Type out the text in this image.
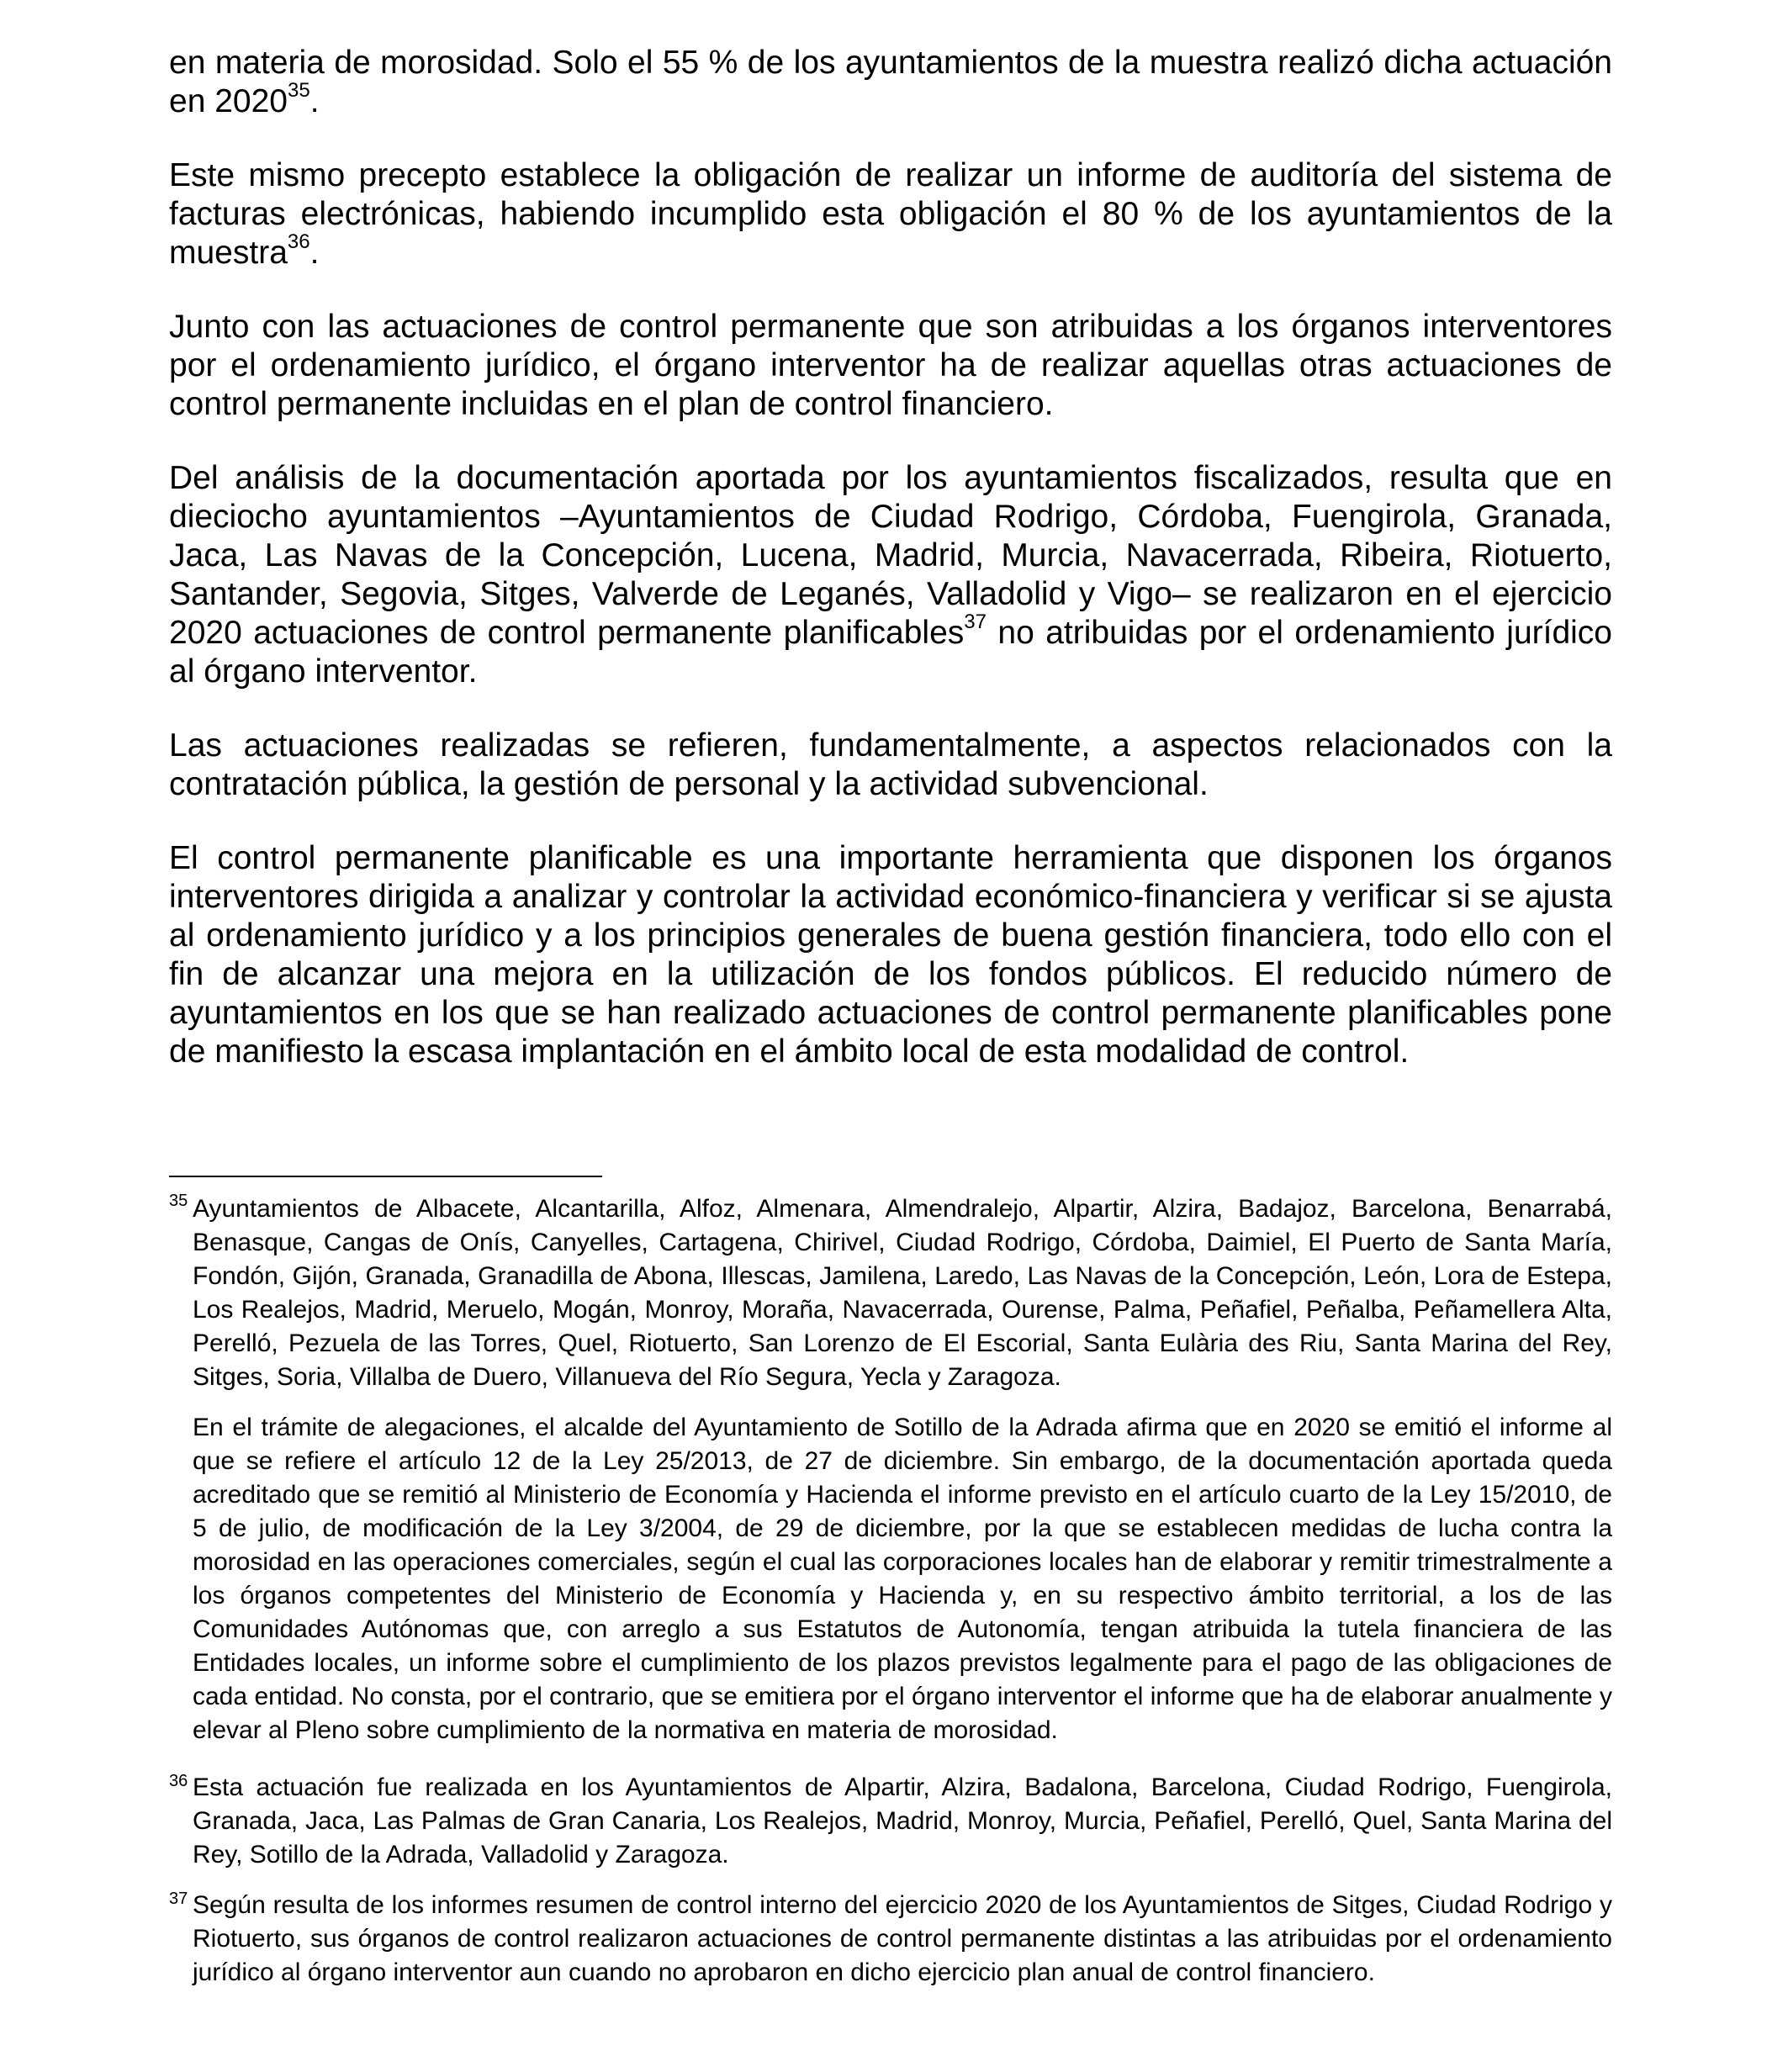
en materia de morosidad. Solo el 55 % de los ayuntamientos de la muestra realizó dicha actuación en 2020$^{35}$.

Este mismo precepto establece la obligación de realizar un informe de auditoría del sistema de facturas electrónicas, habiendo incumplido esta obligación el 80 % de los ayuntamientos de la muestra$^{36}$.

Junto con las actuaciones de control permanente que son atribuidas a los órganos interventores por el ordenamiento jurídico, el órgano interventor ha de realizar aquellas otras actuaciones de control permanente incluidas en el plan de control financiero.

Del análisis de la documentación aportada por los ayuntamientos fiscalizados, resulta que en dieciocho ayuntamientos –Ayuntamientos de Ciudad Rodrigo, Córdoba, Fuengirola, Granada, Jaca, Las Navas de la Concepción, Lucena, Madrid, Murcia, Navacerrada, Ribeira, Riotuerto, Santander, Segovia, Sitges, Valverde de Leganés, Valladolid y Vigo– se realizaron en el ejercicio 2020 actuaciones de control permanente planificables$^{37}$ no atribuidas por el ordenamiento jurídico al órgano interventor.

Las actuaciones realizadas se refieren, fundamentalmente, a aspectos relacionados con la contratación pública, la gestión de personal y la actividad subvencional.

El control permanente planificable es una importante herramienta que disponen los órganos interventores dirigida a analizar y controlar la actividad económico-financiera y verificar si se ajusta al ordenamiento jurídico y a los principios generales de buena gestión financiera, todo ello con el fin de alcanzar una mejora en la utilización de los fondos públicos. El reducido número de ayuntamientos en los que se han realizado actuaciones de control permanente planificables pone de manifiesto la escasa implantación en el ámbito local de esta modalidad de control.

35 Ayuntamientos de Albacete, Alcantarilla, Alfoz, Almenara, Almendralejo, Alpartir, Alzira, Badajoz, Barcelona, Benarrabá, Benasque, Cangas de Onís, Canyelles, Cartagena, Chirivel, Ciudad Rodrigo, Córdoba, Daimiel, El Puerto de Santa María, Fondón, Gijón, Granada, Granadilla de Abona, Illescas, Jamilena, Laredo, Las Navas de la Concepción, León, Lora de Estepa, Los Realejos, Madrid, Meruelo, Mogán, Monroy, Moraña, Navacerrada, Ourense, Palma, Peñafiel, Peñalba, Peñamellera Alta, Perelló, Pezuela de las Torres, Quel, Riotuerto, San Lorenzo de El Escorial, Santa Eulària des Riu, Santa Marina del Rey, Sitges, Soria, Villalba de Duero, Villanueva del Río Segura, Yecla y Zaragoza.

En el trámite de alegaciones, el alcalde del Ayuntamiento de Sotillo de la Adrada afirma que en 2020 se emitió el informe al que se refiere el artículo 12 de la Ley 25/2013, de 27 de diciembre. Sin embargo, de la documentación aportada queda acreditado que se remitió al Ministerio de Economía y Hacienda el informe previsto en el artículo cuarto de la Ley 15/2010, de 5 de julio, de modificación de la Ley 3/2004, de 29 de diciembre, por la que se establecen medidas de lucha contra la morosidad en las operaciones comerciales, según el cual las corporaciones locales han de elaborar y remitir trimestralmente a los órganos competentes del Ministerio de Economía y Hacienda y, en su respectivo ámbito territorial, a los de las Comunidades Autónomas que, con arreglo a sus Estatutos de Autonomía, tengan atribuida la tutela financiera de las Entidades locales, un informe sobre el cumplimiento de los plazos previstos legalmente para el pago de las obligaciones de cada entidad. No consta, por el contrario, que se emitiera por el órgano interventor el informe que ha de elaborar anualmente y elevar al Pleno sobre cumplimiento de la normativa en materia de morosidad.

36 Esta actuación fue realizada en los Ayuntamientos de Alpartir, Alzira, Badalona, Barcelona, Ciudad Rodrigo, Fuengirola, Granada, Jaca, Las Palmas de Gran Canaria, Los Realejos, Madrid, Monroy, Murcia, Peñafiel, Perelló, Quel, Santa Marina del Rey, Sotillo de la Adrada, Valladolid y Zaragoza.

37 Según resulta de los informes resumen de control interno del ejercicio 2020 de los Ayuntamientos de Sitges, Ciudad Rodrigo y Riotuerto, sus órganos de control realizaron actuaciones de control permanente distintas a las atribuidas por el ordenamiento jurídico al órgano interventor aun cuando no aprobaron en dicho ejercicio plan anual de control financiero.
